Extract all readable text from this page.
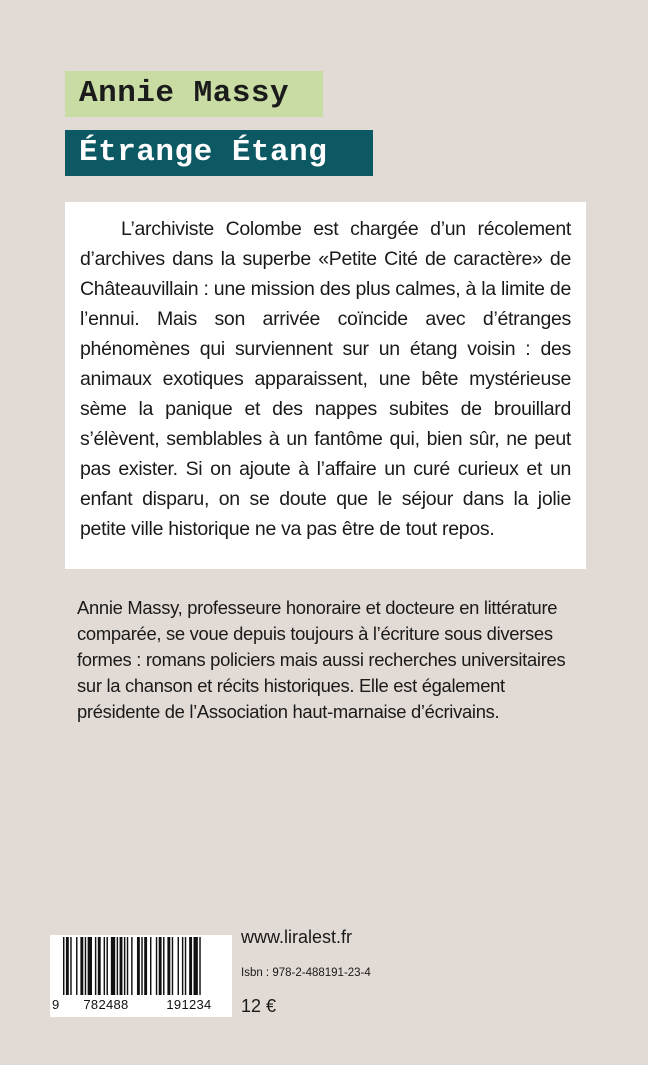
Annie Massy
Étrange Étang

L’archiviste Colombe est chargée d’un récolement d’archives dans la superbe «Petite Cité de caractère» de Châteauvillain : une mission des plus calmes, à la limite de l’ennui. Mais son arrivée coïncide avec d’étranges phénomènes qui surviennent sur un étang voisin : des animaux exotiques apparaissent, une bête mystérieuse sème la panique et des nappes subites de brouillard s’élèvent, semblables à un fantôme qui, bien sûr, ne peut pas exister. Si on ajoute à l’affaire un curé curieux et un enfant disparu, on se doute que le séjour dans la jolie petite ville historique ne va pas être de tout repos.

Annie Massy, professeure honoraire et docteure en littérature comparée, se voue depuis toujours à l’écriture sous diverses formes : romans policiers mais aussi recherches universitaires sur la chanson et récits historiques. Elle est également présidente de l’Association haut-marnaise d’écrivains.

9	782488	191234
www.liralest.fr
Isbn : 978-2-488191-23-4
12 €
